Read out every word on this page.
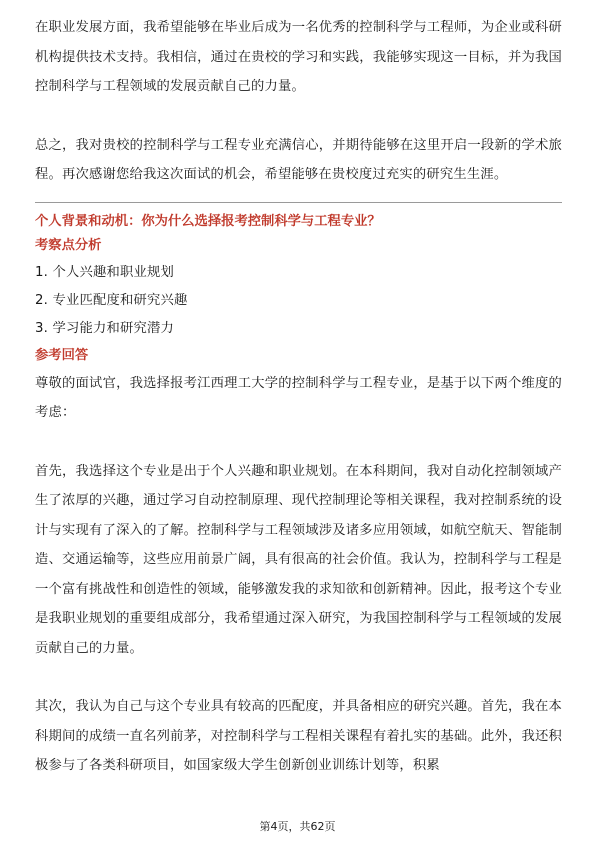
在职业发展方面，我希望能够在毕业后成为一名优秀的控制科学与工程师，为企业或科研机构提供技术支持。我相信，通过在贵校的学习和实践，我能够实现这一目标，并为我国控制科学与工程领域的发展贡献自己的力量。

总之，我对贵校的控制科学与工程专业充满信心，并期待能够在这里开启一段新的学术旅程。再次感谢您给我这次面试的机会，希望能够在贵校度过充实的研究生生涯。

个人背景和动机：你为什么选择报考控制科学与工程专业？

考察点分析

1. 个人兴趣和职业规划
2. 专业匹配度和研究兴趣
3. 学习能力和研究潜力

参考回答

尊敬的面试官，我选择报考江西理工大学的控制科学与工程专业，是基于以下两个维度的考虑：

首先，我选择这个专业是出于个人兴趣和职业规划。在本科期间，我对自动化控制领域产生了浓厚的兴趣，通过学习自动控制原理、现代控制理论等相关课程，我对控制系统的设计与实现有了深入的了解。控制科学与工程领域涉及诸多应用领域，如航空航天、智能制造、交通运输等，这些应用前景广阔，具有很高的社会价值。我认为，控制科学与工程是一个富有挑战性和创造性的领域，能够激发我的求知欲和创新精神。因此，报考这个专业是我职业规划的重要组成部分，我希望通过深入研究，为我国控制科学与工程领域的发展贡献自己的力量。

其次，我认为自己与这个专业具有较高的匹配度，并具备相应的研究兴趣。首先，我在本科期间的成绩一直名列前茅，对控制科学与工程相关课程有着扎实的基础。此外，我还积极参与了各类科研项目，如国家级大学生创新创业训练计划等，积累

第4页，共62页
